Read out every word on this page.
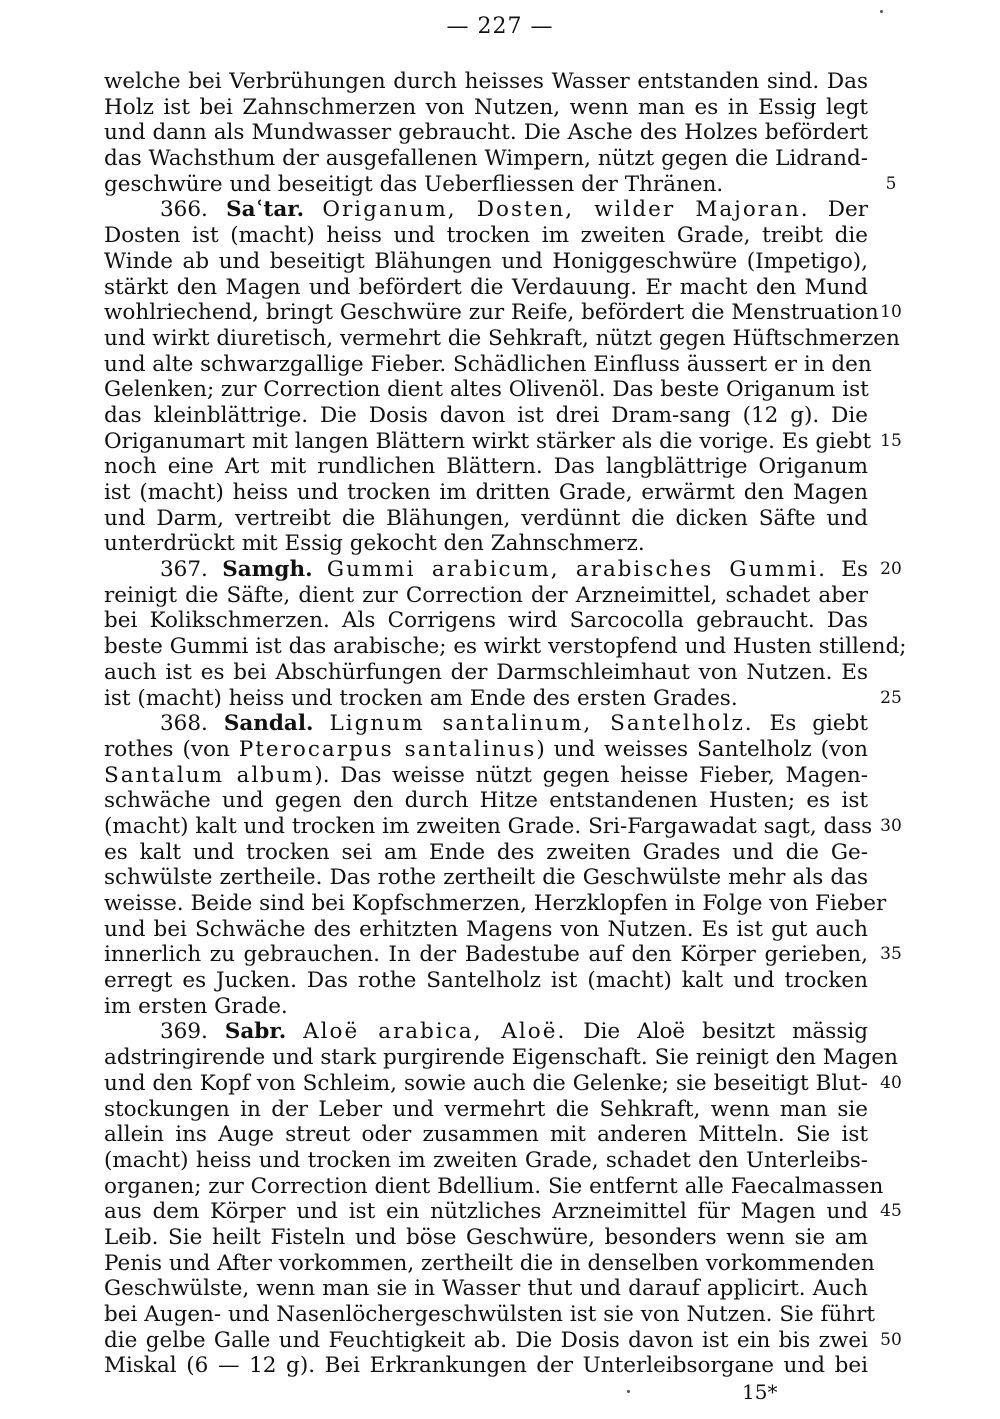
— 227 —
welche bei Verbrühungen durch heisses Wasser entstanden sind. Das
Holz ist bei Zahnschmerzen von Nutzen, wenn man es in Essig legt
und dann als Mundwasser gebraucht. Die Asche des Holzes befördert
das Wachsthum der ausgefallenen Wimpern, nützt gegen die Lidrand-
geschwüre und beseitigt das Ueberfliessen der Thränen.	5
366. Saʿtar. Origanum, Dosten, wilder Majoran. Der
Dosten ist (macht) heiss und trocken im zweiten Grade, treibt die
Winde ab und beseitigt Blähungen und Honiggeschwüre (Impetigo),
stärkt den Magen und befördert die Verdauung. Er macht den Mund
wohlriechend, bringt Geschwüre zur Reife, befördert die Menstruation 10
und wirkt diuretisch, vermehrt die Sehkraft, nützt gegen Hüftschmerzen
und alte schwarzgallige Fieber. Schädlichen Einfluss äussert er in den
Gelenken; zur Correction dient altes Olivenöl. Das beste Origanum ist
das kleinblättrige. Die Dosis davon ist drei Dram-sang (12 g). Die
Origanumart mit langen Blättern wirkt stärker als die vorige. Es giebt 15
noch eine Art mit rundlichen Blättern. Das langblättrige Origanum
ist (macht) heiss und trocken im dritten Grade, erwärmt den Magen
und Darm, vertreibt die Blähungen, verdünnt die dicken Säfte und
unterdrückt mit Essig gekocht den Zahnschmerz.
367. Samgh. Gummi arabicum, arabisches Gummi. Es 20
reinigt die Säfte, dient zur Correction der Arzneimittel, schadet aber
bei Kolikschmerzen. Als Corrigens wird Sarcocolla gebraucht. Das
beste Gummi ist das arabische; es wirkt verstopfend und Husten stillend;
auch ist es bei Abschürfungen der Darmschleimhaut von Nutzen. Es
ist (macht) heiss und trocken am Ende des ersten Grades.	25
368. Sandal. Lignum santalinum, Santelholz. Es giebt
rothes (von Pterocarpus santalinus) und weisses Santelholz (von
Santalum album). Das weisse nützt gegen heisse Fieber, Magen-
schwäche und gegen den durch Hitze entstandenen Husten; es ist
(macht) kalt und trocken im zweiten Grade. Sri-Fargawadat sagt, dass 30
es kalt und trocken sei am Ende des zweiten Grades und die Ge-
schwülste zertheile. Das rothe zertheilt die Geschwülste mehr als das
weisse. Beide sind bei Kopfschmerzen, Herzklopfen in Folge von Fieber
und bei Schwäche des erhitzten Magens von Nutzen. Es ist gut auch
innerlich zu gebrauchen. In der Badestube auf den Körper gerieben, 35
erregt es Jucken. Das rothe Santelholz ist (macht) kalt und trocken
im ersten Grade.
369. Sabr. Aloë arabica, Aloë. Die Aloë besitzt mässig
adstringirende und stark purgirende Eigenschaft. Sie reinigt den Magen
und den Kopf von Schleim, sowie auch die Gelenke; sie beseitigt Blut- 40
stockungen in der Leber und vermehrt die Sehkraft, wenn man sie
allein ins Auge streut oder zusammen mit anderen Mitteln. Sie ist
(macht) heiss und trocken im zweiten Grade, schadet den Unterleibs-
organen; zur Correction dient Bdellium. Sie entfernt alle Faecalmassen
aus dem Körper und ist ein nützliches Arzneimittel für Magen und 45
Leib. Sie heilt Fisteln und böse Geschwüre, besonders wenn sie am
Penis und After vorkommen, zertheilt die in denselben vorkommenden
Geschwülste, wenn man sie in Wasser thut und darauf applicirt. Auch
bei Augen- und Nasenlöchergeschwülsten ist sie von Nutzen. Sie führt
die gelbe Galle und Feuchtigkeit ab. Die Dosis davon ist ein bis zwei 50
Miskal (6 — 12 g). Bei Erkrankungen der Unterleibsorgane und bei
15*
